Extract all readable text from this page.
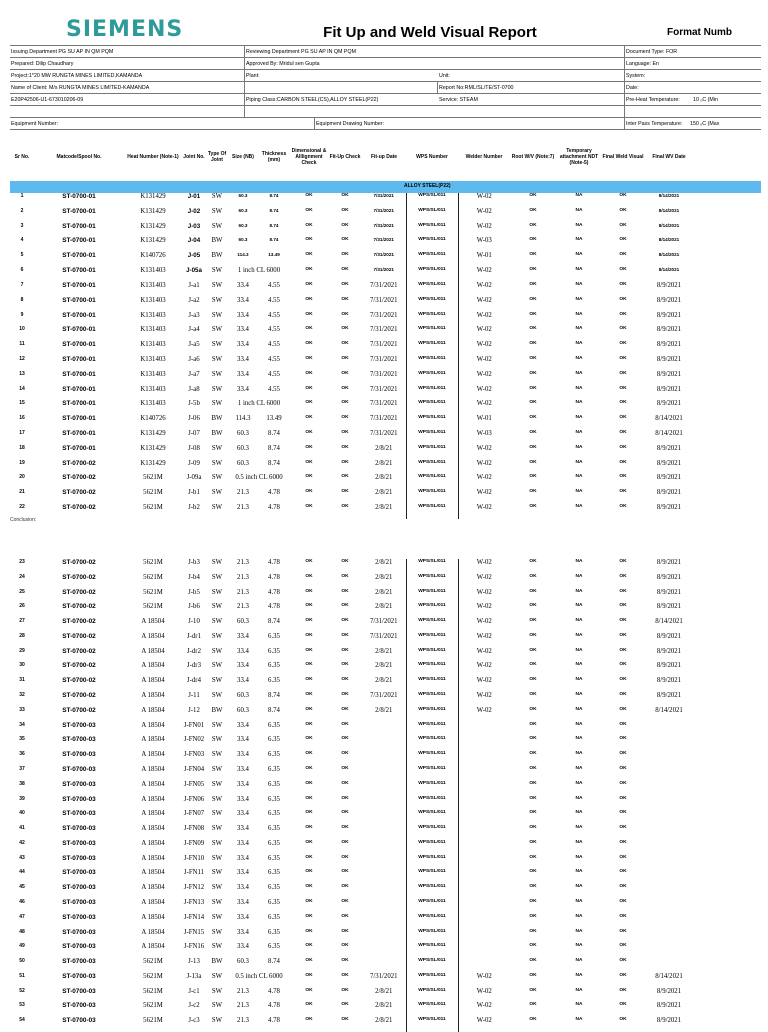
SIEMENS	Fit Up and Weld Visual Report	Format Numb
Issuing Department PG SU AP IN QM PQM	Reviewing Department PG SU AP IN QM PQM	Document Type: FOR
Prepared: Dilip Chaudhary	Approved By: Mridul sen Gupta	Language: En
Project:1*20 MW RUNGTA MINES LIMITED,KAMANDA	Plant:	Unit:	System:
Name of Client: M/s RUNGTA MINES LIMITED-KAMANDA	Report No:RML/SL/TE/ST-0700	Date:
E20P42506-U1-673010206-09	Piping Class:CARBON STEEL(CS),ALLOY STEEL(P22)	Service: STEAM	Pre-Heat Temperature: 10 ₒC (Min
Equipment Number:	Equipment Drawing Number:	Inter Pass Temperature: 150 ₒC (Max
Sr No.	Matcode/Spool No.	Heat Number (Note-1)	Joint No.	Type Of Joint	Size (NB)	Thickness (mm)	Dimensional & Alllignment Check	Fit-Up Check	Fit-up Date	WPS Number	Welder Number	Root W/V (Note:7)	Temporary attachment NDT (Note-5)	Final Weld Visual	Final WV Date
ALLOY STEEL(P22)
1	ST-0700-01	K131429	J-01	SW	60.3	8.74	OK	OK	7/31/2021	WPS/SL/011	W-02	OK	NA	OK	8/14/2021
2	ST-0700-01	K131429	J-02	SW	60.3	8.74	OK	OK	7/31/2021	WPS/SL/011	W-02	OK	NA	OK	8/14/2021
3	ST-0700-01	K131429	J-03	SW	60.3	8.74	OK	OK	7/31/2021	WPS/SL/011	W-02	OK	NA	OK	8/14/2021
4	ST-0700-01	K131429	J-04	BW	60.3	8.74	OK	OK	7/31/2021	WPS/SL/011	W-03	OK	NA	OK	8/14/2021
5	ST-0700-01	K140726	J-05	BW	114.3	13.49	OK	OK	7/31/2021	WPS/SL/011	W-01	OK	NA	OK	8/14/2021
6	ST-0700-01	K131403	J-05a	SW	1 inch CL 6000		OK	OK	7/31/2021	WPS/SL/011	W-02	OK	NA	OK	8/14/2021
7	ST-0700-01	K131403	J-a1	SW	33.4	4.55	OK	OK	7/31/2021	WPS/SL/011	W-02	OK	NA	OK	8/9/2021
8	ST-0700-01	K131403	J-a2	SW	33.4	4.55	OK	OK	7/31/2021	WPS/SL/011	W-02	OK	NA	OK	8/9/2021
9	ST-0700-01	K131403	J-a3	SW	33.4	4.55	OK	OK	7/31/2021	WPS/SL/011	W-02	OK	NA	OK	8/9/2021
10	ST-0700-01	K131403	J-a4	SW	33.4	4.55	OK	OK	7/31/2021	WPS/SL/011	W-02	OK	NA	OK	8/9/2021
11	ST-0700-01	K131403	J-a5	SW	33.4	4.55	OK	OK	7/31/2021	WPS/SL/011	W-02	OK	NA	OK	8/9/2021
12	ST-0700-01	K131403	J-a6	SW	33.4	4.55	OK	OK	7/31/2021	WPS/SL/011	W-02	OK	NA	OK	8/9/2021
13	ST-0700-01	K131403	J-a7	SW	33.4	4.55	OK	OK	7/31/2021	WPS/SL/011	W-02	OK	NA	OK	8/9/2021
14	ST-0700-01	K131403	J-a8	SW	33.4	4.55	OK	OK	7/31/2021	WPS/SL/011	W-02	OK	NA	OK	8/9/2021
15	ST-0700-01	K131403	J-5b	SW	1 inch CL 6000		OK	OK	7/31/2021	WPS/SL/011	W-02	OK	NA	OK	8/9/2021
16	ST-0700-01	K140726	J-06	BW	114.3	13.49	OK	OK	7/31/2021	WPS/SL/011	W-01	OK	NA	OK	8/14/2021
17	ST-0700-01	K131429	J-07	BW	60.3	8.74	OK	OK	7/31/2021	WPS/SL/011	W-03	OK	NA	OK	8/14/2021
18	ST-0700-01	K131429	J-08	SW	60.3	8.74	OK	OK	2/8/21	WPS/SL/011	W-02	OK	NA	OK	8/9/2021
19	ST-0700-02	K131429	J-09	SW	60.3	8.74	OK	OK	2/8/21	WPS/SL/011	W-02	OK	NA	OK	8/9/2021
20	ST-0700-02	5621M	J-09a	SW	0.5 inch CL 6000		OK	OK	2/8/21	WPS/SL/011	W-02	OK	NA	OK	8/9/2021
21	ST-0700-02	5621M	J-b1	SW	21.3	4.78	OK	OK	2/8/21	WPS/SL/011	W-02	OK	NA	OK	8/9/2021
22	ST-0700-02	5621M	J-b2	SW	21.3	4.78	OK	OK	2/8/21	WPS/SL/011	W-02	OK	NA	OK	8/9/2021
Conclusion:
23	ST-0700-02	5621M	J-b3	SW	21.3	4.78	OK	OK	2/8/21	WPS/SL/011	W-02	OK	NA	OK	8/9/2021
24	ST-0700-02	5621M	J-b4	SW	21.3	4.78	OK	OK	2/8/21	WPS/SL/011	W-02	OK	NA	OK	8/9/2021
25	ST-0700-02	5621M	J-b5	SW	21.3	4.78	OK	OK	2/8/21	WPS/SL/011	W-02	OK	NA	OK	8/9/2021
26	ST-0700-02	5621M	J-b6	SW	21.3	4.78	OK	OK	2/8/21	WPS/SL/011	W-02	OK	NA	OK	8/9/2021
27	ST-0700-02	A 18504	J-10	SW	60.3	8.74	OK	OK	7/31/2021	WPS/SL/011	W-02	OK	NA	OK	8/14/2021
28	ST-0700-02	A 18504	J-dr1	SW	33.4	6.35	OK	OK	7/31/2021	WPS/SL/011	W-02	OK	NA	OK	8/9/2021
29	ST-0700-02	A 18504	J-dr2	SW	33.4	6.35	OK	OK	2/8/21	WPS/SL/011	W-02	OK	NA	OK	8/9/2021
30	ST-0700-02	A 18504	J-dr3	SW	33.4	6.35	OK	OK	2/8/21	WPS/SL/011	W-02	OK	NA	OK	8/9/2021
31	ST-0700-02	A 18504	J-dr4	SW	33.4	6.35	OK	OK	2/8/21	WPS/SL/011	W-02	OK	NA	OK	8/9/2021
32	ST-0700-02	A 18504	J-11	SW	60.3	8.74	OK	OK	7/31/2021	WPS/SL/011	W-02	OK	NA	OK	8/9/2021
33	ST-0700-02	A 18504	J-12	BW	60.3	8.74	OK	OK	2/8/21	WPS/SL/011	W-02	OK	NA	OK	8/14/2021
34	ST-0700-03	A 18504	J-FN01	SW	33.4	6.35	OK	OK		WPS/SL/011		OK	NA	OK	
35	ST-0700-03	A 18504	J-FN02	SW	33.4	6.35	OK	OK		WPS/SL/011		OK	NA	OK	
36	ST-0700-03	A 18504	J-FN03	SW	33.4	6.35	OK	OK		WPS/SL/011		OK	NA	OK	
37	ST-0700-03	A 18504	J-FN04	SW	33.4	6.35	OK	OK		WPS/SL/011		OK	NA	OK	
38	ST-0700-03	A 18504	J-FN05	SW	33.4	6.35	OK	OK		WPS/SL/011		OK	NA	OK	
39	ST-0700-03	A 18504	J-FN06	SW	33.4	6.35	OK	OK		WPS/SL/011		OK	NA	OK	
40	ST-0700-03	A 18504	J-FN07	SW	33.4	6.35	OK	OK		WPS/SL/011		OK	NA	OK	
41	ST-0700-03	A 18504	J-FN08	SW	33.4	6.35	OK	OK		WPS/SL/011		OK	NA	OK	
42	ST-0700-03	A 18504	J-FN09	SW	33.4	6.35	OK	OK		WPS/SL/011		OK	NA	OK	
43	ST-0700-03	A 18504	J-FN10	SW	33.4	6.35	OK	OK		WPS/SL/011		OK	NA	OK	
44	ST-0700-03	A 18504	J-FN11	SW	33.4	6.35	OK	OK		WPS/SL/011		OK	NA	OK	
45	ST-0700-03	A 18504	J-FN12	SW	33.4	6.35	OK	OK		WPS/SL/011		OK	NA	OK	
46	ST-0700-03	A 18504	J-FN13	SW	33.4	6.35	OK	OK		WPS/SL/011		OK	NA	OK	
47	ST-0700-03	A 18504	J-FN14	SW	33.4	6.35	OK	OK		WPS/SL/011		OK	NA	OK	
48	ST-0700-03	A 18504	J-FN15	SW	33.4	6.35	OK	OK		WPS/SL/011		OK	NA	OK	
49	ST-0700-03	A 18504	J-FN16	SW	33.4	6.35	OK	OK		WPS/SL/011		OK	NA	OK	
50	ST-0700-03	5621M	J-13	BW	60.3	8.74	OK	OK		WPS/SL/011		OK	NA	OK	
51	ST-0700-03	5621M	J-13a	SW	0.5 inch CL 6000		OK	OK	7/31/2021	WPS/SL/011	W-02	OK	NA	OK	8/14/2021
52	ST-0700-03	5621M	J-c1	SW	21.3	4.78	OK	OK	2/8/21	WPS/SL/011	W-02	OK	NA	OK	8/9/2021
53	ST-0700-03	5621M	J-c2	SW	21.3	4.78	OK	OK	2/8/21	WPS/SL/011	W-02	OK	NA	OK	8/9/2021
54	ST-0700-03	5621M	J-c3	SW	21.3	4.78	OK	OK	2/8/21	WPS/SL/011	W-02	OK	NA	OK	8/9/2021
